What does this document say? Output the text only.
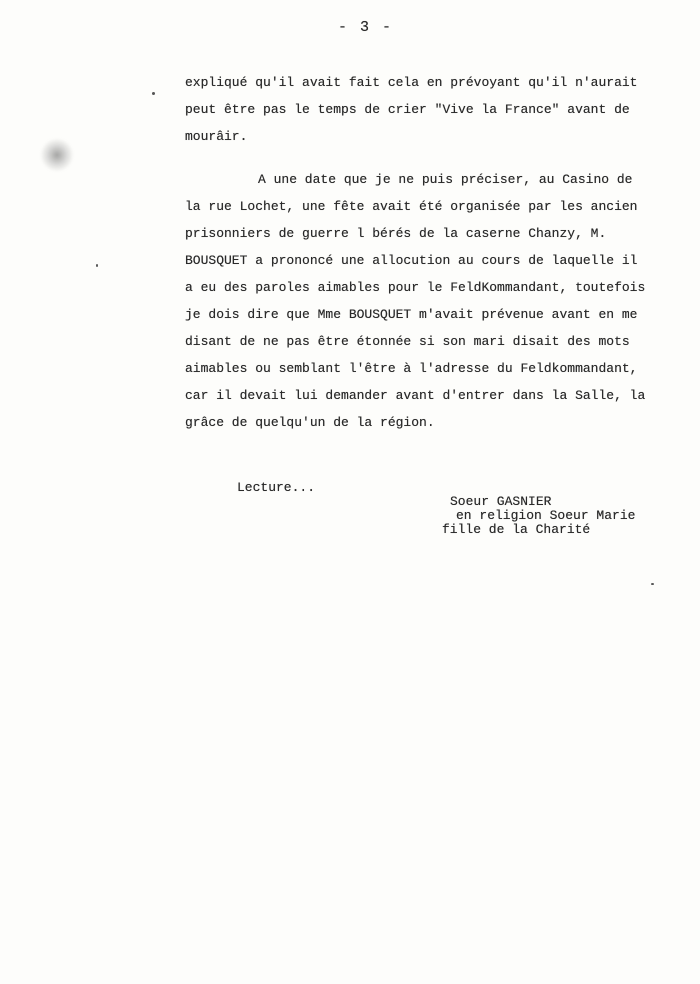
- 3 -
expliqué qu'il avait fait cela en prévoyant qu'il n'aurait
peut être pas le temps de crier "Vive la France" avant de
mourâir.
A une date que je ne puis préciser, au Casino de
la rue Lochet, une fête avait été organisée par les ancien
prisonniers de guerre l bérés de la caserne Chanzy, M.
BOUSQUET a prononcé une allocution au cours de laquelle il
a eu des paroles aimables pour le FeldKommandant, toutefois
je dois dire que Mme BOUSQUET m'avait prévenue avant en me
disant de ne pas être étonnée si son mari disait des mots
aimables ou semblant l'être à l'adresse du Feldkommandant,
car il devait lui demander avant d'entrer dans la Salle, la
grâce de quelqu'un de la région.
Lecture...
Soeur GASNIER
en religion Soeur Marie
fille de la Charité
